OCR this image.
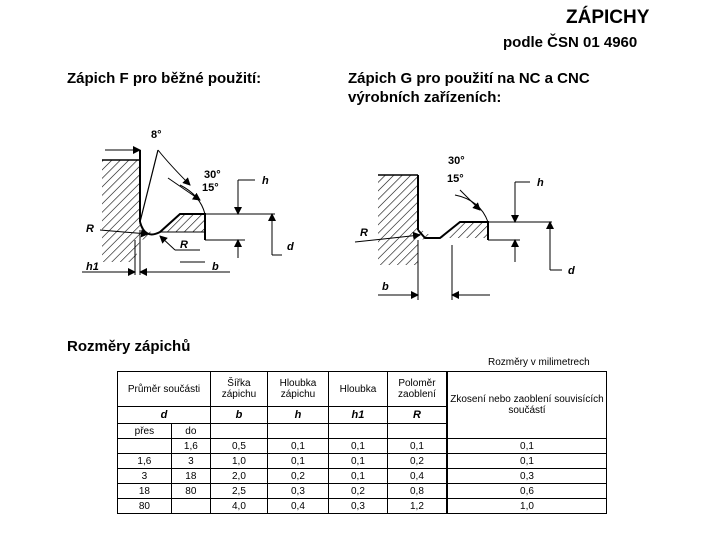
ZÁPICHY
podle ČSN 01 4960
Zápich F pro běžné použití:	Zápich G pro použití na NC a CNC
výrobních zařízeních:
8°
30°
15°
h
R
R	d
h1	b
30°
15°	h
R
d
b
Rozměry zápichů
Rozměry v milimetrech
Průměr součásti		Šířka zápichu	Hloubka zápichu	Hloubka	Poloměr zaoblení	Zkosení nebo zaoblení souvisících součástí
d		b	h	h1	R	
přes	do					
	1,6	0,5	0,1	0,1	0,1	0,1
1,6	3	1,0	0,1	0,1	0,2	0,1
3	18	2,0	0,2	0,1	0,4	0,3
18	80	2,5	0,3	0,2	0,8	0,6
80		4,0	0,4	0,3	1,2	1,0
